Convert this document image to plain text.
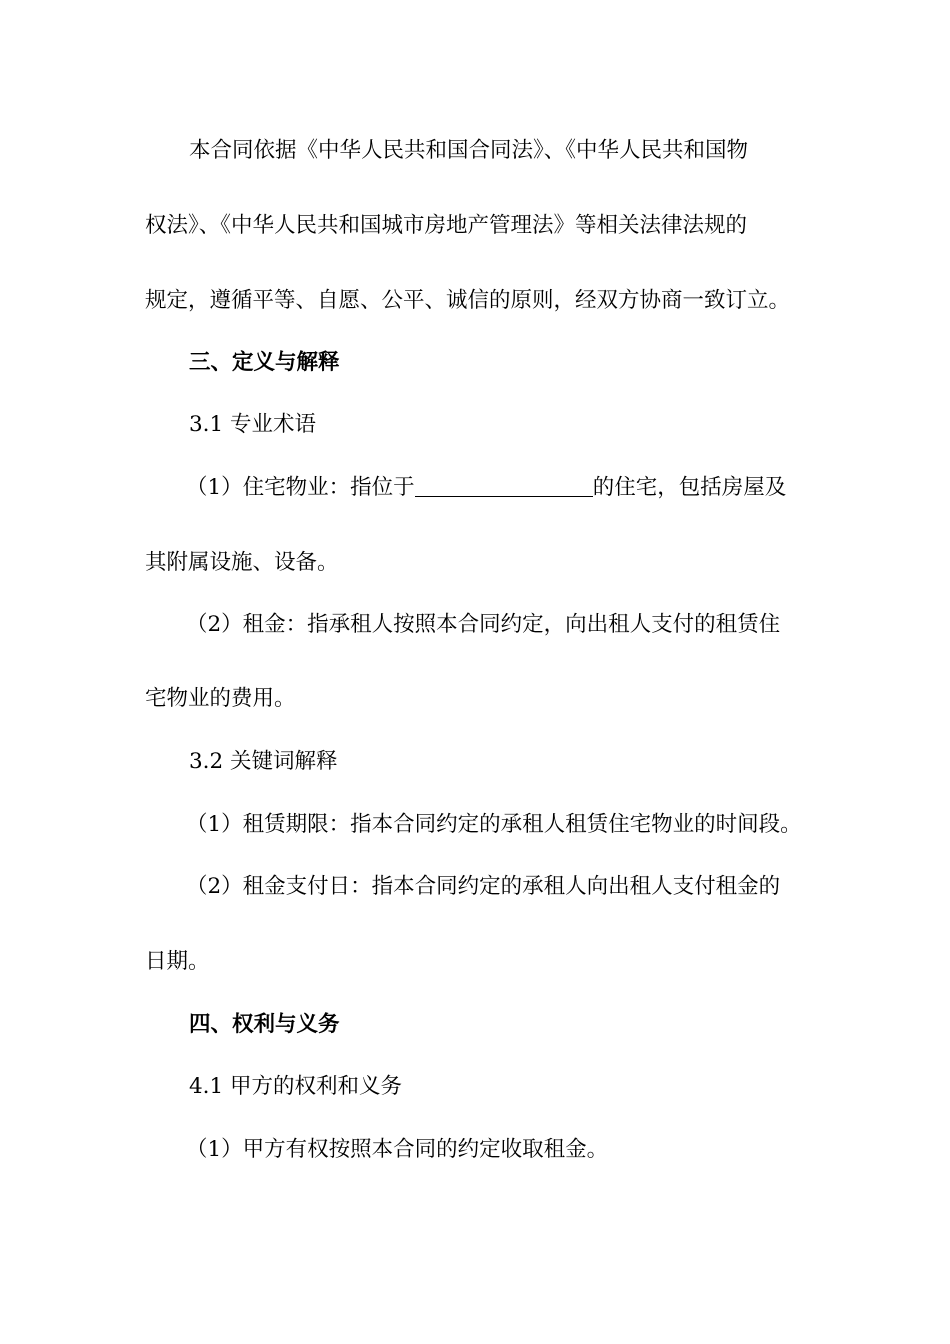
本合同依据《中华人民共和国合同法》、《中华人民共和国物
权法》、《中华人民共和国城市房地产管理法》等相关法律法规的
规定，遵循平等、自愿、公平、诚信的原则，经双方协商一致订立。
三、定义与解释
3.1 专业术语
（1）住宅物业：指位于	的住宅，包括房屋及
其附属设施、设备。
（2）租金：指承租人按照本合同约定，向出租人支付的租赁住
宅物业的费用。
3.2 关键词解释
（1）租赁期限：指本合同约定的承租人租赁住宅物业的时间段。
（2）租金支付日：指本合同约定的承租人向出租人支付租金的
日期。
四、权利与义务
4.1 甲方的权利和义务
（1）甲方有权按照本合同的约定收取租金。
